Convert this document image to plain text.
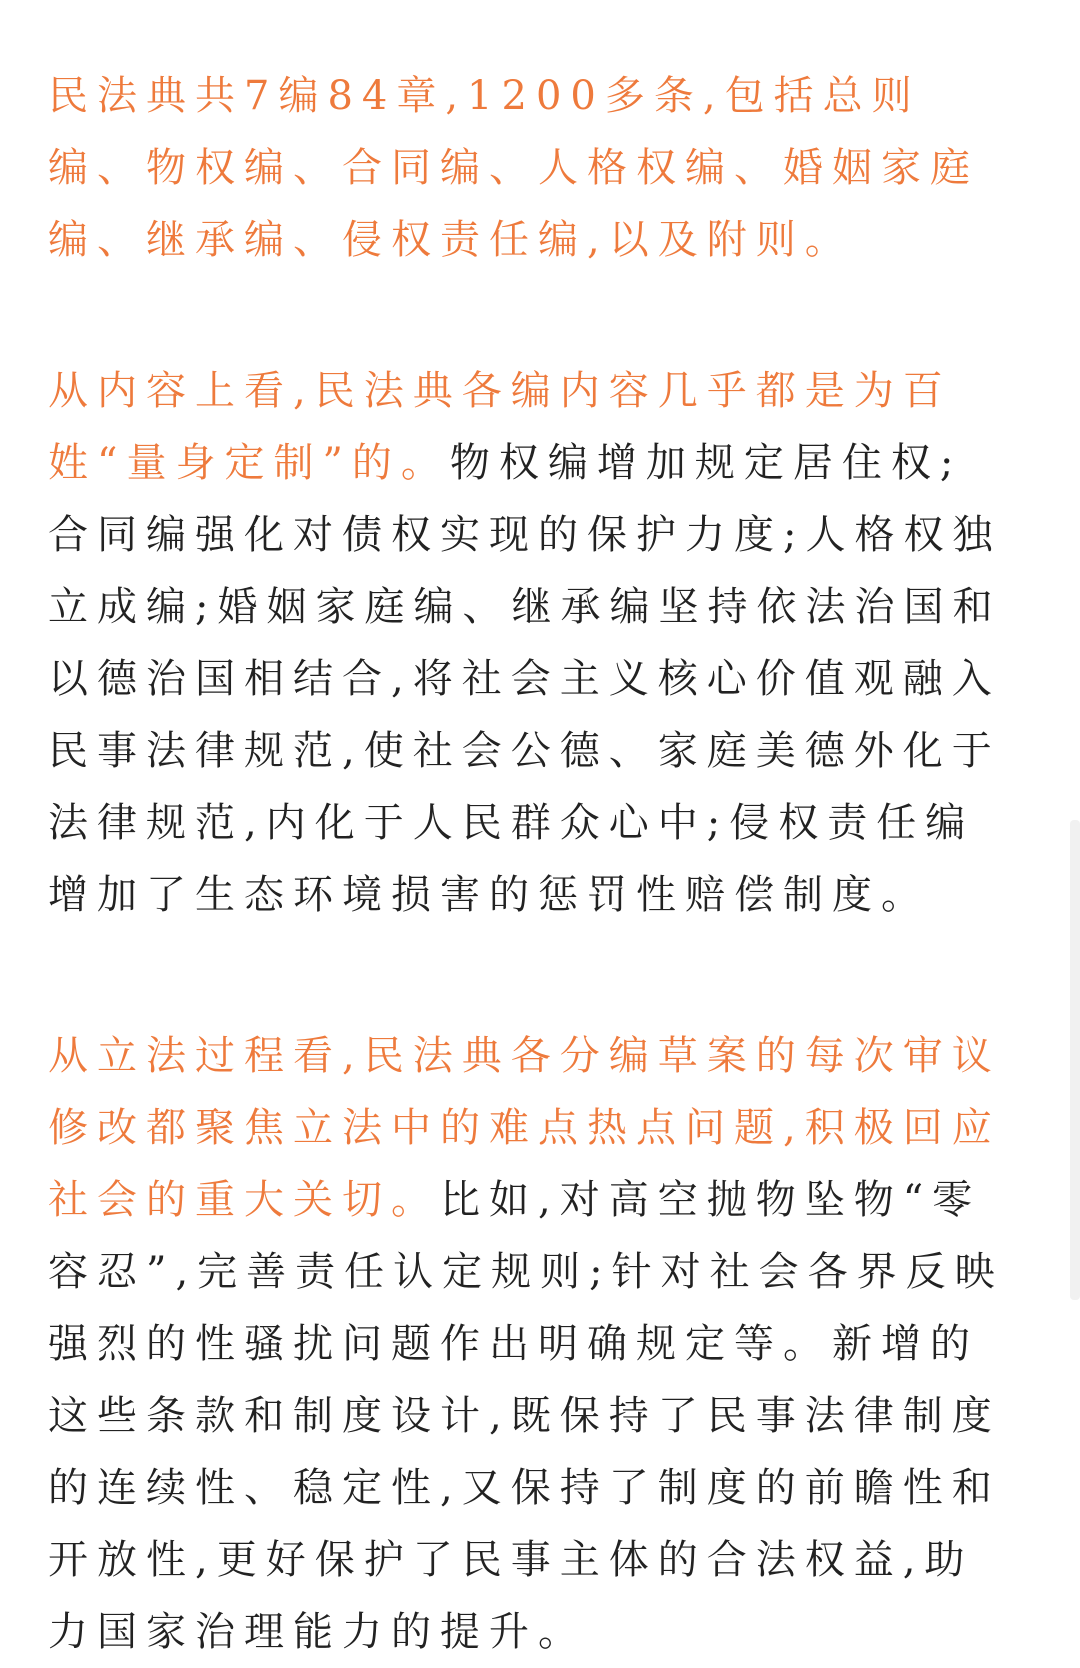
民法典共7编84章,1200多条,包括总则编、物权编、合同编、人格权编、婚姻家庭编、继承编、侵权责任编,以及附则。

从内容上看,民法典各编内容几乎都是为百姓“量身定制”的。物权编增加规定居住权;合同编强化对债权实现的保护力度;人格权独立成编;婚姻家庭编、继承编坚持依法治国和以德治国相结合,将社会主义核心价值观融入民事法律规范,使社会公德、家庭美德外化于法律规范,内化于人民群众心中;侵权责任编增加了生态环境损害的惩罚性赔偿制度。

从立法过程看,民法典各分编草案的每次审议修改都聚焦立法中的难点热点问题,积极回应社会的重大关切。比如,对高空抛物坠物“零容忍”,完善责任认定规则;针对社会各界反映强烈的性骚扰问题作出明确规定等。新增的这些条款和制度设计,既保持了民事法律制度的连续性、稳定性,又保持了制度的前瞻性和开放性,更好保护了民事主体的合法权益,助力国家治理能力的提升。
